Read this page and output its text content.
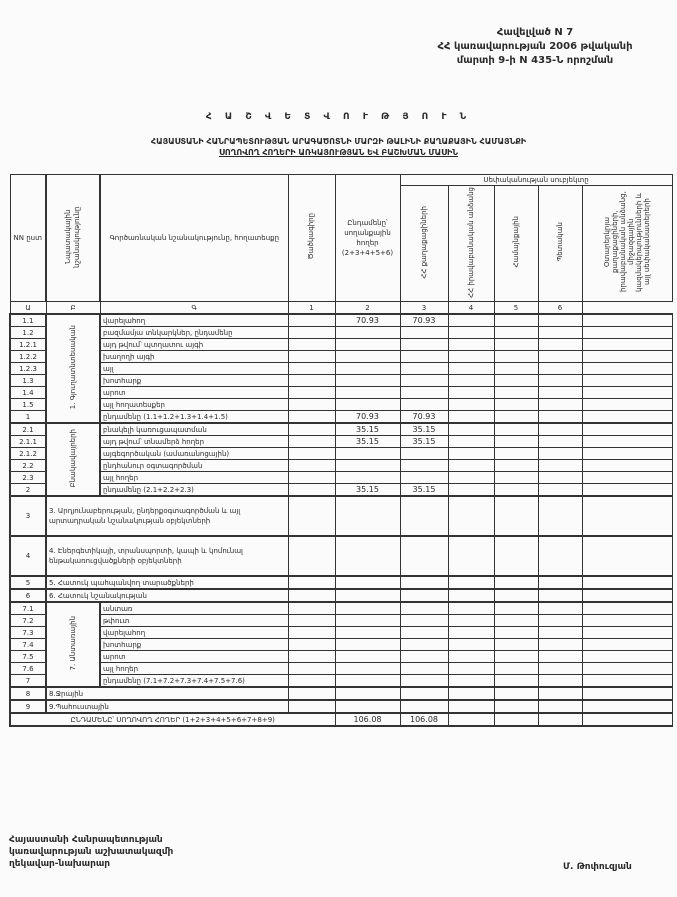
Հավելված N 7
ՀՀ կառավարության 2006 թվականի
մարտի 9-ի N 435-Ն որոշման
Հ Ա Շ Վ Ե Տ Վ Ո Ւ Թ Յ Ո Ւ Ն
ՀԱՅԱՍՏԱՆԻ ՀԱՆՐԱՊԵՏՈՒԹՅԱՆ ԱՐԱԳԱԾՈՏՆԻ ՄԱՐԶԻ ԹԱԼԻՆԻ ՔԱՂԱՔԱՅԻՆ ՀԱՄԱՅՆՔԻ
ՍՈՂՈՎՈՂ ՀՈՂԵՐԻ ԱՌԿԱՅՈՒԹՅԱՆ ԵՎ ԲԱՇԽՄԱՆ ՄԱՍԻՆ
NN ըստ	Նպատակային նշանակությունը	Գործառնական նշանակությունը, հողատեսքը	Ծածկագիրը	Ընդամենը՝ սողանքային հողեր (2+3+4+5+6)	Սեփականության սուբյեկտը				
					ՀՀ քաղաքացիների	ՀՀ իրավաբանական անձանց	Համայնքային	Պետական	Օտարերկրյա քաղաքացիների, իրավաբանական անձանց, միջազգային կազմակերպությունների և այլ սեփականատերերի
Ա	Բ	Գ	1	2	3	4	5	6	
1.1	1. Գյուղատնտեսական	վարելահող		70.93	70.93				
1.2		բազմամյա տնկարկներ, ընդամենը							
1.2.1		այդ թվում՝ պտղատու այգի							
1.2.2		խաղողի այգի							
1.2.3		այլ							
1.3		խոտհարք							
1.4		արոտ							
1.5		այլ հողատեսքեր							
1		ընդամենը (1.1+1.2+1.3+1.4+1.5)		70.93	70.93				
2.1	Բնակավայրերի	բնակելի կառուցապատման		35.15	35.15				
2.1.1		այդ թվում՝ տնամերձ հողեր		35.15	35.15				
2.1.2		այգեգործական (ամառանոցային)							
2.2		ընդհանուր օգտագործման							
2.3		այլ հողեր							
2		ընդամենը (2.1+2.2+2.3)		35.15	35.15				
3	3. Արդյունաբերության, ընդերքօգտագործման և այլ արտադրական նշանակության օբյեկտների								
4	4. Էներգետիկայի, տրանսպորտի, կապի և կոմունալ ենթակառուցվածքների օբյեկտների								
5	5. Հատուկ պահպանվող տարածքների								
6	6. Հատուկ նշանակության								
7.1	7. Անտառային	անտառ							
7.2		թփուտ							
7.3		վարելահող							
7.4		խոտհարք							
7.5		արոտ							
7.6		այլ հողեր							
7		ընդամենը (7.1+7.2+7.3+7.4+7.5+7.6)							
8	8.Ջրային								
9	9.Պահուստային								
ԸՆԴԱՄԵՆԸ՝ ՍՈՂՈՎՈՂ ՀՈՂԵՐ (1+2+3+4+5+6+7+8+9)				106.08	106.08				
Հայաստանի Հանրապետության
կառավարության աշխատակազմի
ղեկավար-նախարար	Մ. Թոփուզյան
